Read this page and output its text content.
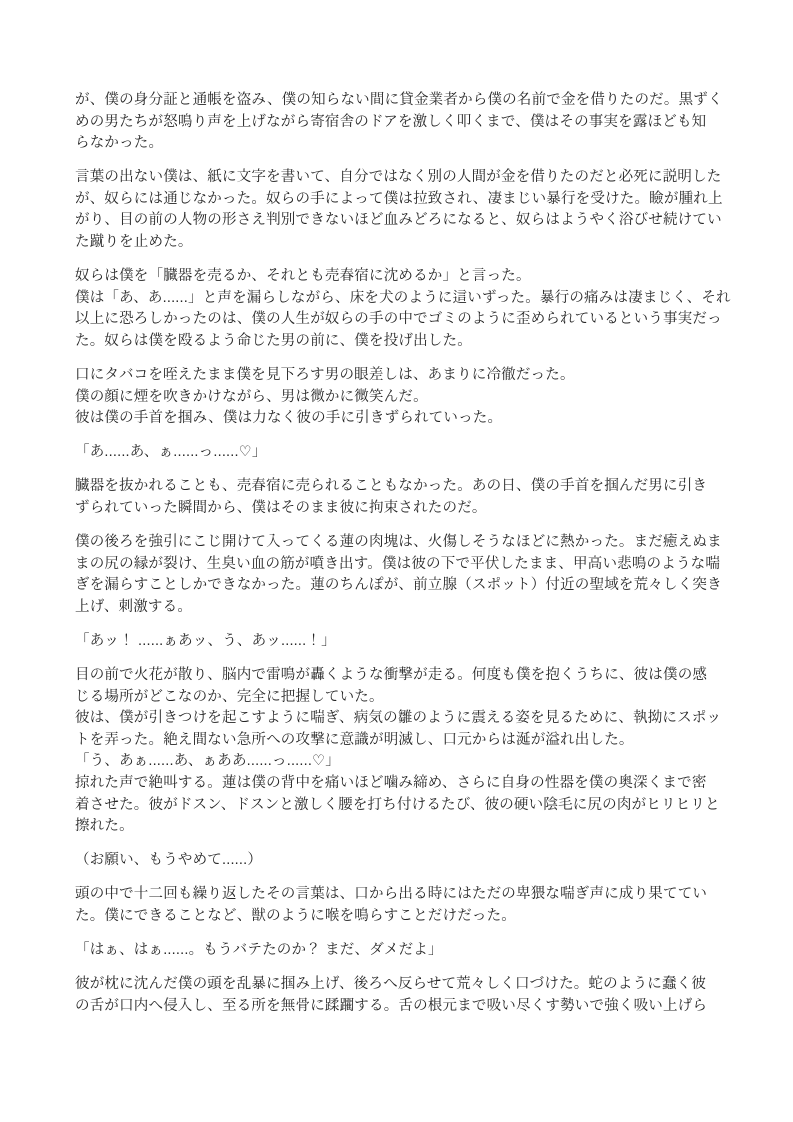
が、僕の身分証と通帳を盗み、僕の知らない間に貸金業者から僕の名前で金を借りたのだ。黒ずく
めの男たちが怒鳴り声を上げながら寄宿舎のドアを激しく叩くまで、僕はその事実を露ほども知
らなかった。

言葉の出ない僕は、紙に文字を書いて、自分ではなく別の人間が金を借りたのだと必死に説明した
が、奴らには通じなかった。奴らの手によって僕は拉致され、凄まじい暴行を受けた。瞼が腫れ上
がり、目の前の人物の形さえ判別できないほど血みどろになると、奴らはようやく浴びせ続けてい
た蹴りを止めた。

奴らは僕を「臓器を売るか、それとも売春宿に沈めるか」と言った。
僕は「あ、あ......」と声を漏らしながら、床を犬のように這いずった。暴行の痛みは凄まじく、それ
以上に恐ろしかったのは、僕の人生が奴らの手の中でゴミのように歪められているという事実だっ
た。奴らは僕を殴るよう命じた男の前に、僕を投げ出した。

口にタバコを咥えたまま僕を見下ろす男の眼差しは、あまりに冷徹だった。
僕の顔に煙を吹きかけながら、男は微かに微笑んだ。
彼は僕の手首を掴み、僕は力なく彼の手に引きずられていった。

「あ......あ、ぁ......っ......♡」

臓器を抜かれることも、売春宿に売られることもなかった。あの日、僕の手首を掴んだ男に引き
ずられていった瞬間から、僕はそのまま彼に拘束されたのだ。

僕の後ろを強引にこじ開けて入ってくる蓮の肉塊は、火傷しそうなほどに熱かった。まだ癒えぬま
まの尻の縁が裂け、生臭い血の筋が噴き出す。僕は彼の下で平伏したまま、甲高い悲鳴のような喘
ぎを漏らすことしかできなかった。蓮のちんぽが、前立腺（スポット）付近の聖域を荒々しく突き
上げ、刺激する。

「あッ！ ......ぁあッ、う、あッ......！」

目の前で火花が散り、脳内で雷鳴が轟くような衝撃が走る。何度も僕を抱くうちに、彼は僕の感
じる場所がどこなのか、完全に把握していた。
彼は、僕が引きつけを起こすように喘ぎ、病気の雛のように震える姿を見るために、執拗にスポッ
トを弄った。絶え間ない急所への攻撃に意識が明滅し、口元からは涎が溢れ出した。
「う、あぁ......あ、ぁああ......っ......♡」
掠れた声で絶叫する。蓮は僕の背中を痛いほど噛み締め、さらに自身の性器を僕の奥深くまで密
着させた。彼がドスン、ドスンと激しく腰を打ち付けるたび、彼の硬い陰毛に尻の肉がヒリヒリと
擦れた。

（お願い、もうやめて......）

頭の中で十二回も繰り返したその言葉は、口から出る時にはただの卑猥な喘ぎ声に成り果ててい
た。僕にできることなど、獣のように喉を鳴らすことだけだった。

「はぁ、はぁ......。もうバテたのか？ まだ、ダメだよ」

彼が枕に沈んだ僕の頭を乱暴に掴み上げ、後ろへ反らせて荒々しく口づけた。蛇のように蠢く彼
の舌が口内へ侵入し、至る所を無骨に蹂躙する。舌の根元まで吸い尽くす勢いで強く吸い上げら
